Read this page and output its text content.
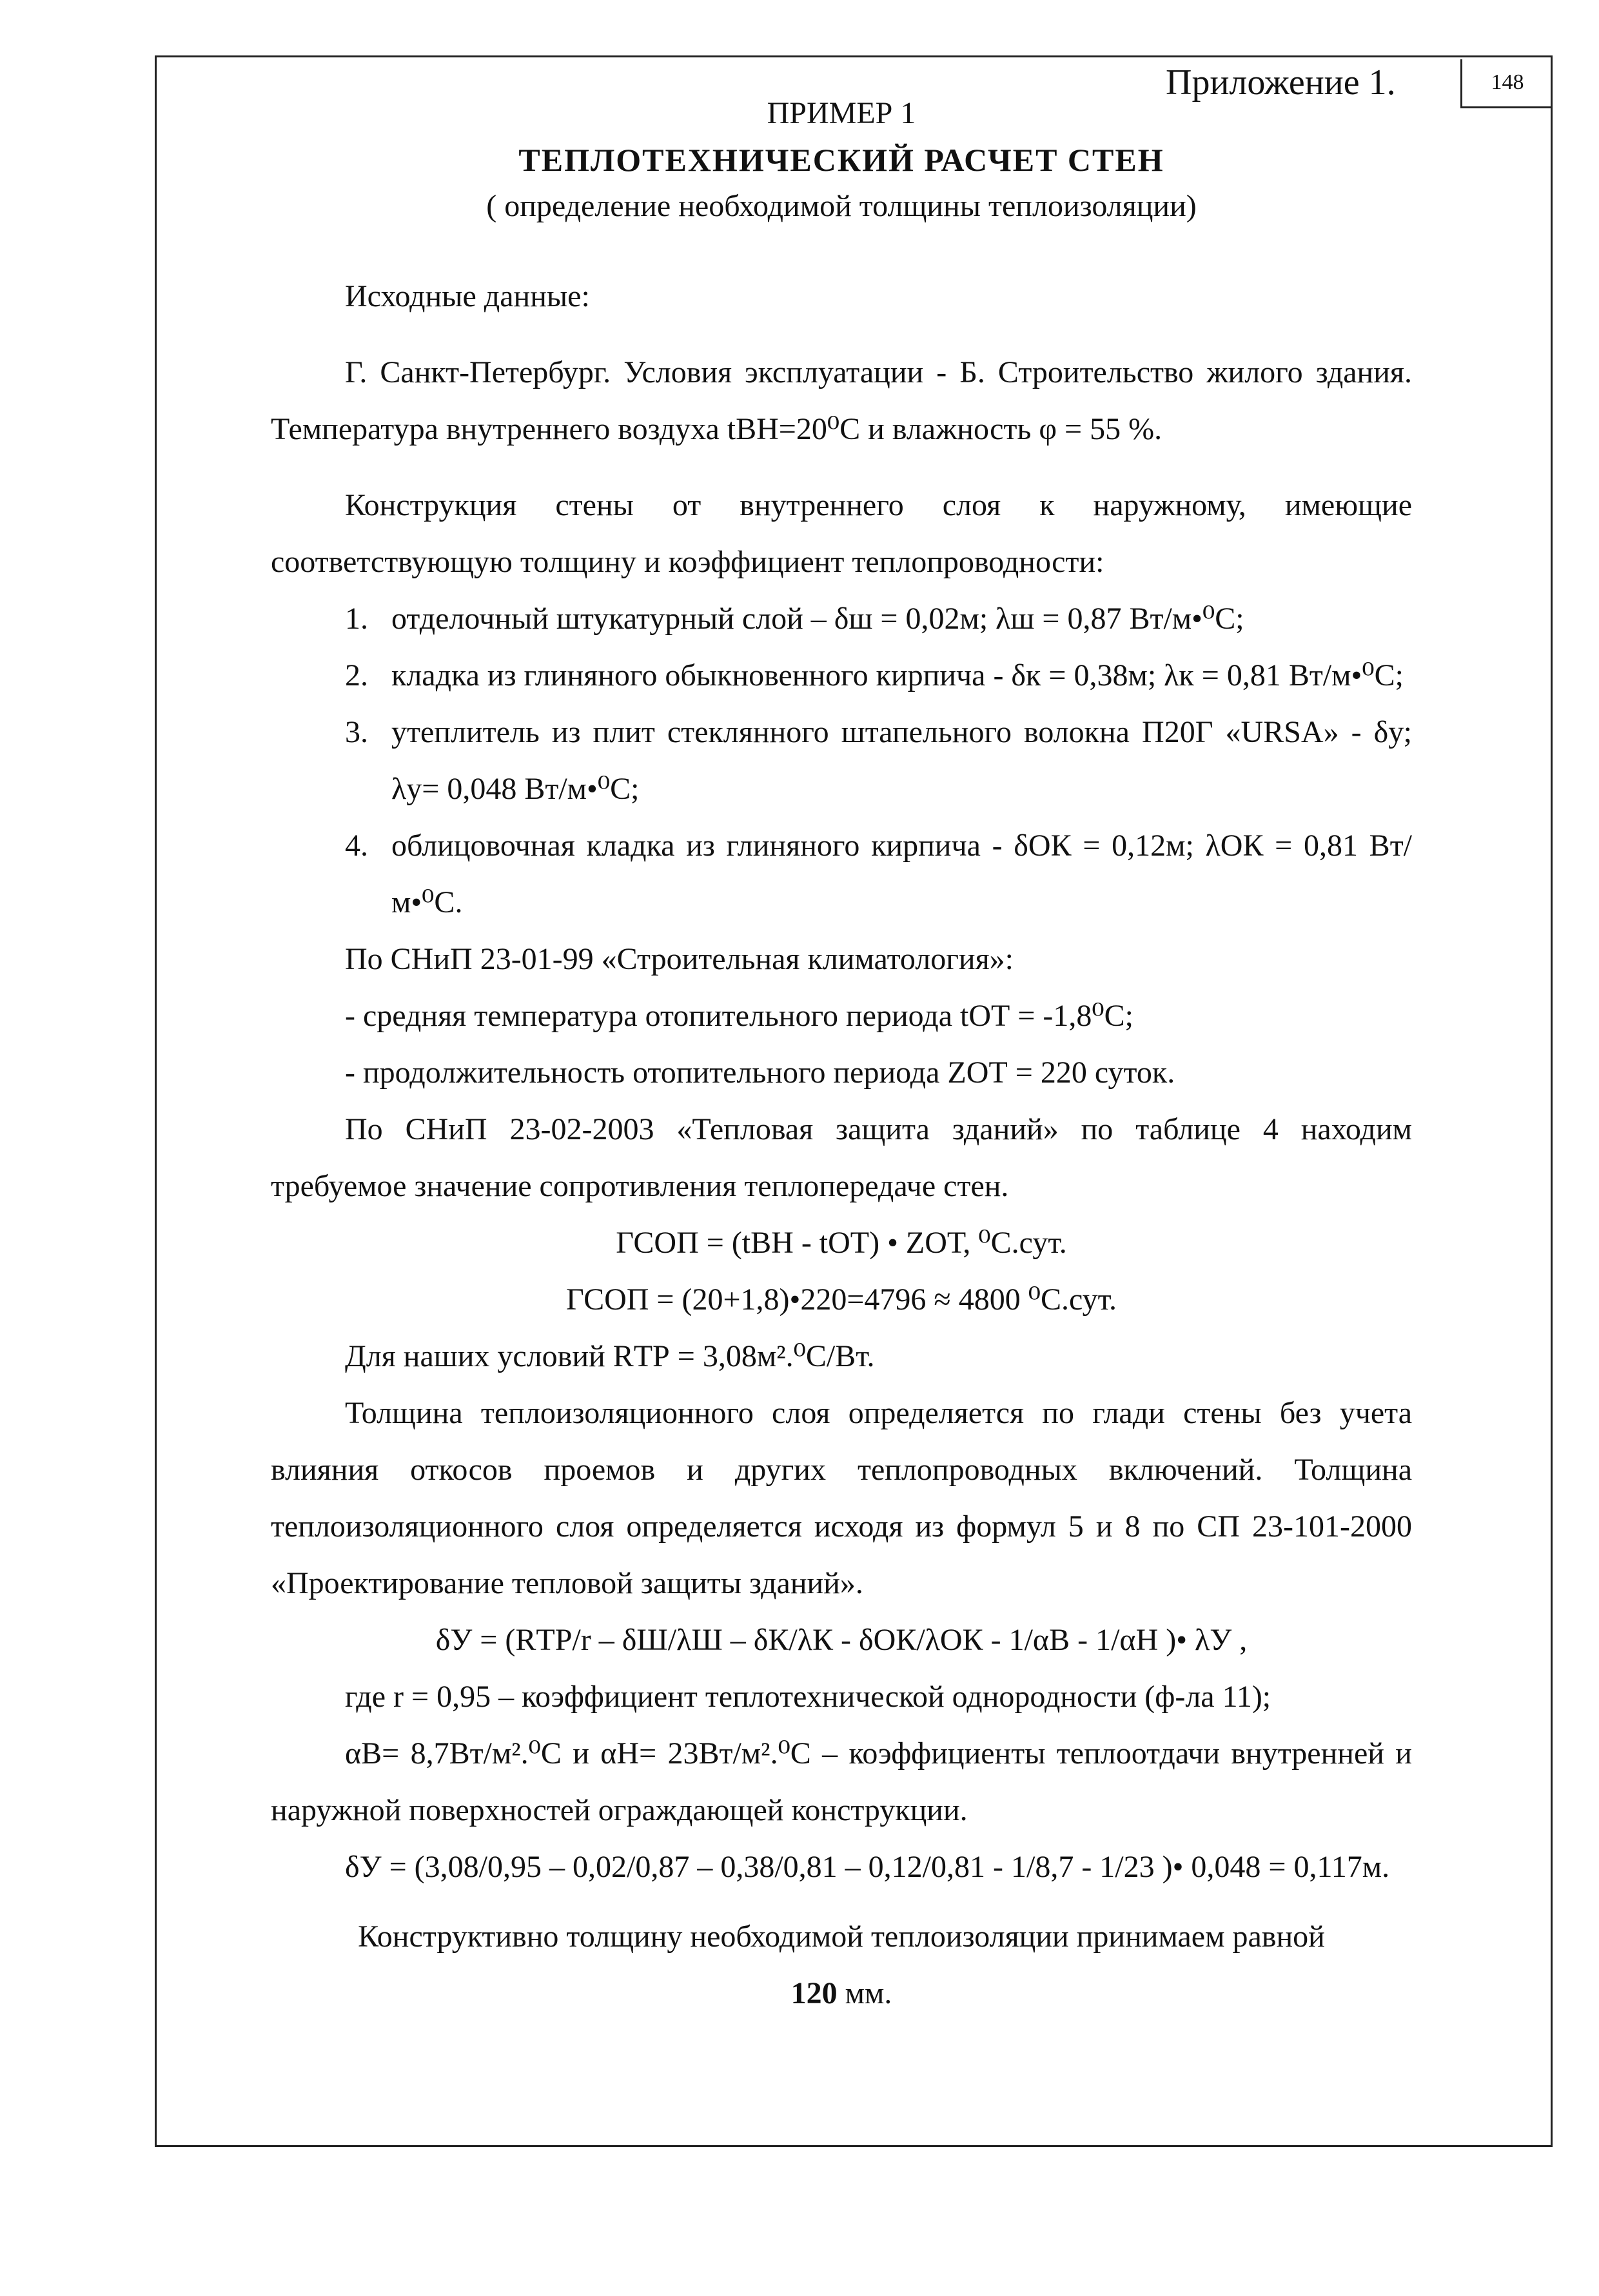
148
Приложение 1.
ПРИМЕР 1
ТЕПЛОТЕХНИЧЕСКИЙ РАСЧЕТ СТЕН
( определение необходимой толщины теплоизоляции)

Исходные данные:

Г. Санкт-Петербург. Условия эксплуатации - Б. Строительство жилого здания. Температура внутреннего воздуха tВН=20⁰С и влажность φ = 55 %.

Конструкция стены от внутреннего слоя к наружному, имеющие соответствующую толщину и коэффициент теплопроводности:

1. отделочный штукатурный слой – δш = 0,02м; λш = 0,87 Вт/м•⁰С;
2. кладка из глиняного обыкновенного кирпича - δк = 0,38м; λк = 0,81 Вт/м•⁰С;
3. утеплитель из плит стеклянного штапельного волокна П20Г «URSA» - δу; λу= 0,048 Вт/м•⁰С;
4. облицовочная кладка из глиняного кирпича - δОК = 0,12м; λОК = 0,81 Вт/м•⁰С.

По СНиП 23-01-99 «Строительная климатология»:

- средняя температура отопительного периода tОТ = -1,8⁰С;

- продолжительность отопительного периода ZОТ = 220 суток.

По СНиП 23-02-2003 «Тепловая защита зданий» по таблице 4 находим требуемое значение сопротивления теплопередаче стен.

ГСОП = (tВН - tОТ) • ZОТ, ⁰С.сут.

ГСОП = (20+1,8)•220=4796 ≈ 4800 ⁰С.сут.

Для наших условий RТР = 3,08м².⁰С/Вт.

Толщина теплоизоляционного слоя определяется по глади стены без учета влияния откосов проемов и других теплопроводных включений. Толщина теплоизоляционного слоя определяется исходя из формул 5 и 8 по СП 23-101-2000 «Проектирование тепловой защиты зданий».

δУ = (RТР/r – δШ/λШ – δК/λК - δОК/λОК - 1/αВ - 1/αН )• λУ ,

где r = 0,95 – коэффициент теплотехнической однородности (ф-ла 11);

αВ= 8,7Вт/м².⁰С и αН= 23Вт/м².⁰С – коэффициенты теплоотдачи внутренней и наружной поверхностей ограждающей конструкции.

δУ = (3,08/0,95 – 0,02/0,87 – 0,38/0,81 – 0,12/0,81 - 1/8,7 - 1/23 )• 0,048 = 0,117м.

Конструктивно толщину необходимой теплоизоляции принимаем равной

120 мм.
